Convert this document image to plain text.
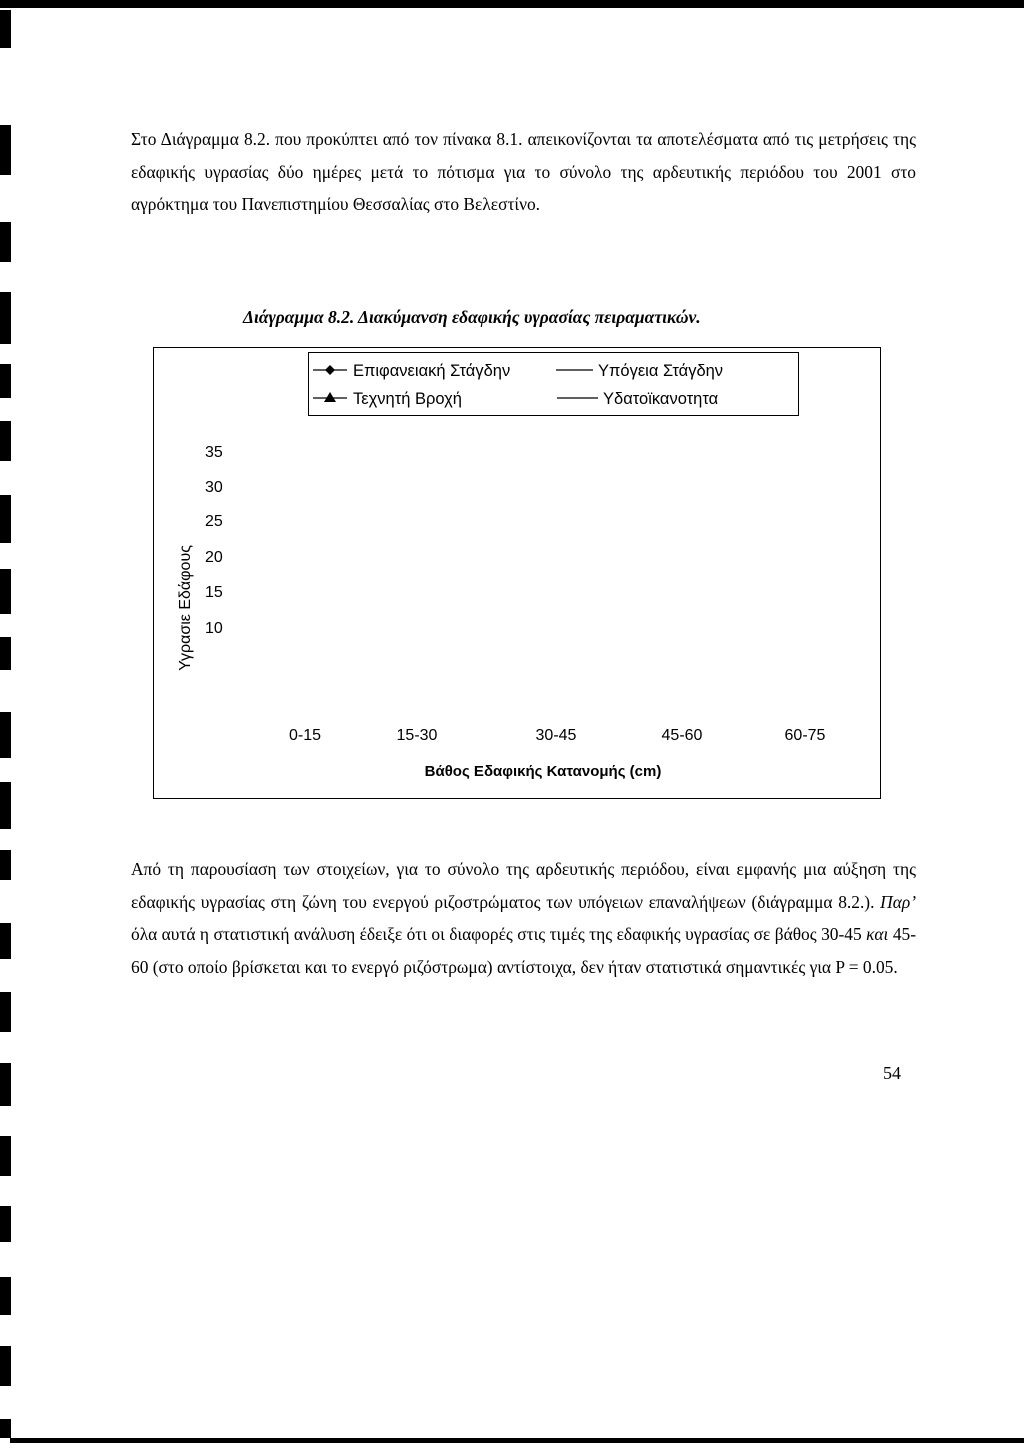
Στο Διάγραμμα 8.2. που προκύπτει από τον πίνακα 8.1. απεικονίζονται τα αποτελέσματα από τις μετρήσεις της εδαφικής υγρασίας δύο ημέρες μετά το πότισμα για το σύνολο της αρδευτικής περιόδου του 2001 στο αγρόκτημα του Πανεπιστημίου Θεσσαλίας στο Βελεστίνο.

Διάγραμμα 8.2. Διακύμανση εδαφικής υγρασίας πειραματικών.

Επιφανειακή Στάγδην	Υπόγεια Στάγδην
Τεχνητή Βροχή	Υδατοϊκανοτητα
35
30
25
20
15
10
Υγρασιε Εδάφους
0-15	15-30	30-45	45-60	60-75
Βάθος Εδαφικής Κατανομής (cm)

Από τη παρουσίαση των στοιχείων, για το σύνολο της αρδευτικής περιόδου, είναι εμφανής μια αύξηση της εδαφικής υγρασίας στη ζώνη του ενεργού ριζοστρώματος των υπόγειων επαναλήψεων (διάγραμμα 8.2.). Παρ’ όλα αυτά η στατιστική ανάλυση έδειξε ότι οι διαφορές στις τιμές της εδαφικής υγρασίας σε βάθος 30-45 και 45-60 (στο οποίο βρίσκεται και το ενεργό ριζόστρωμα) αντίστοιχα, δεν ήταν στατιστικά σημαντικές για P = 0.05.

54
